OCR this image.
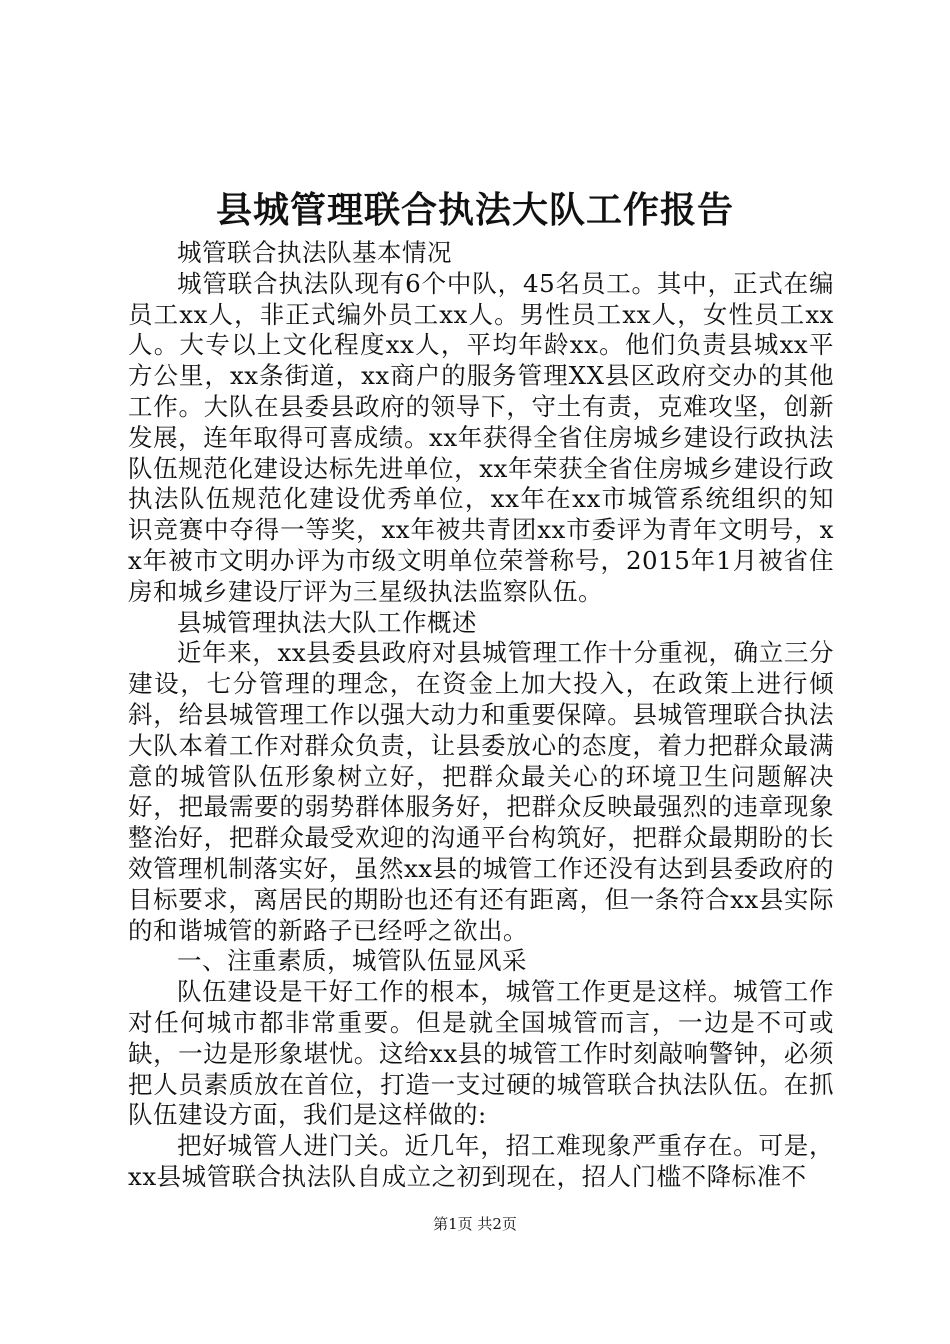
县城管理联合执法大队工作报告

城管联合执法队基本情况

城管联合执法队现有6个中队，45名员工。其中，正式在编员工xx人，非正式编外员工xx人。男性员工xx人，女性员工xx人。大专以上文化程度xx人，平均年龄xx。他们负责县城xx平方公里，xx条街道，xx商户的服务管理XX县区政府交办的其他工作。大队在县委县政府的领导下，守土有责，克难攻坚，创新发展，连年取得可喜成绩。xx年获得全省住房城乡建设行政执法队伍规范化建设达标先进单位，xx年荣获全省住房城乡建设行政执法队伍规范化建设优秀单位，xx年在xx市城管系统组织的知识竞赛中夺得一等奖，xx年被共青团xx市委评为青年文明号，xx年被市文明办评为市级文明单位荣誉称号，2015年1月被省住房和城乡建设厅评为三星级执法监察队伍。

县城管理执法大队工作概述

近年来，xx县委县政府对县城管理工作十分重视，确立三分建设，七分管理的理念，在资金上加大投入，在政策上进行倾斜，给县城管理工作以强大动力和重要保障。县城管理联合执法大队本着工作对群众负责，让县委放心的态度，着力把群众最满意的城管队伍形象树立好，把群众最关心的环境卫生问题解决好，把最需要的弱势群体服务好，把群众反映最强烈的违章现象整治好，把群众最受欢迎的沟通平台构筑好，把群众最期盼的长效管理机制落实好，虽然xx县的城管工作还没有达到县委政府的目标要求，离居民的期盼也还有还有距离，但一条符合xx县实际的和谐城管的新路子已经呼之欲出。

一、注重素质，城管队伍显风采

队伍建设是干好工作的根本，城管工作更是这样。城管工作对任何城市都非常重要。但是就全国城管而言，一边是不可或缺，一边是形象堪忧。这给xx县的城管工作时刻敲响警钟，必须把人员素质放在首位，打造一支过硬的城管联合执法队伍。在抓队伍建设方面，我们是这样做的:

把好城管人进门关。近几年，招工难现象严重存在。可是，xx县城管联合执法队自成立之初到现在，招人门槛不降标准不

第1页 共2页
